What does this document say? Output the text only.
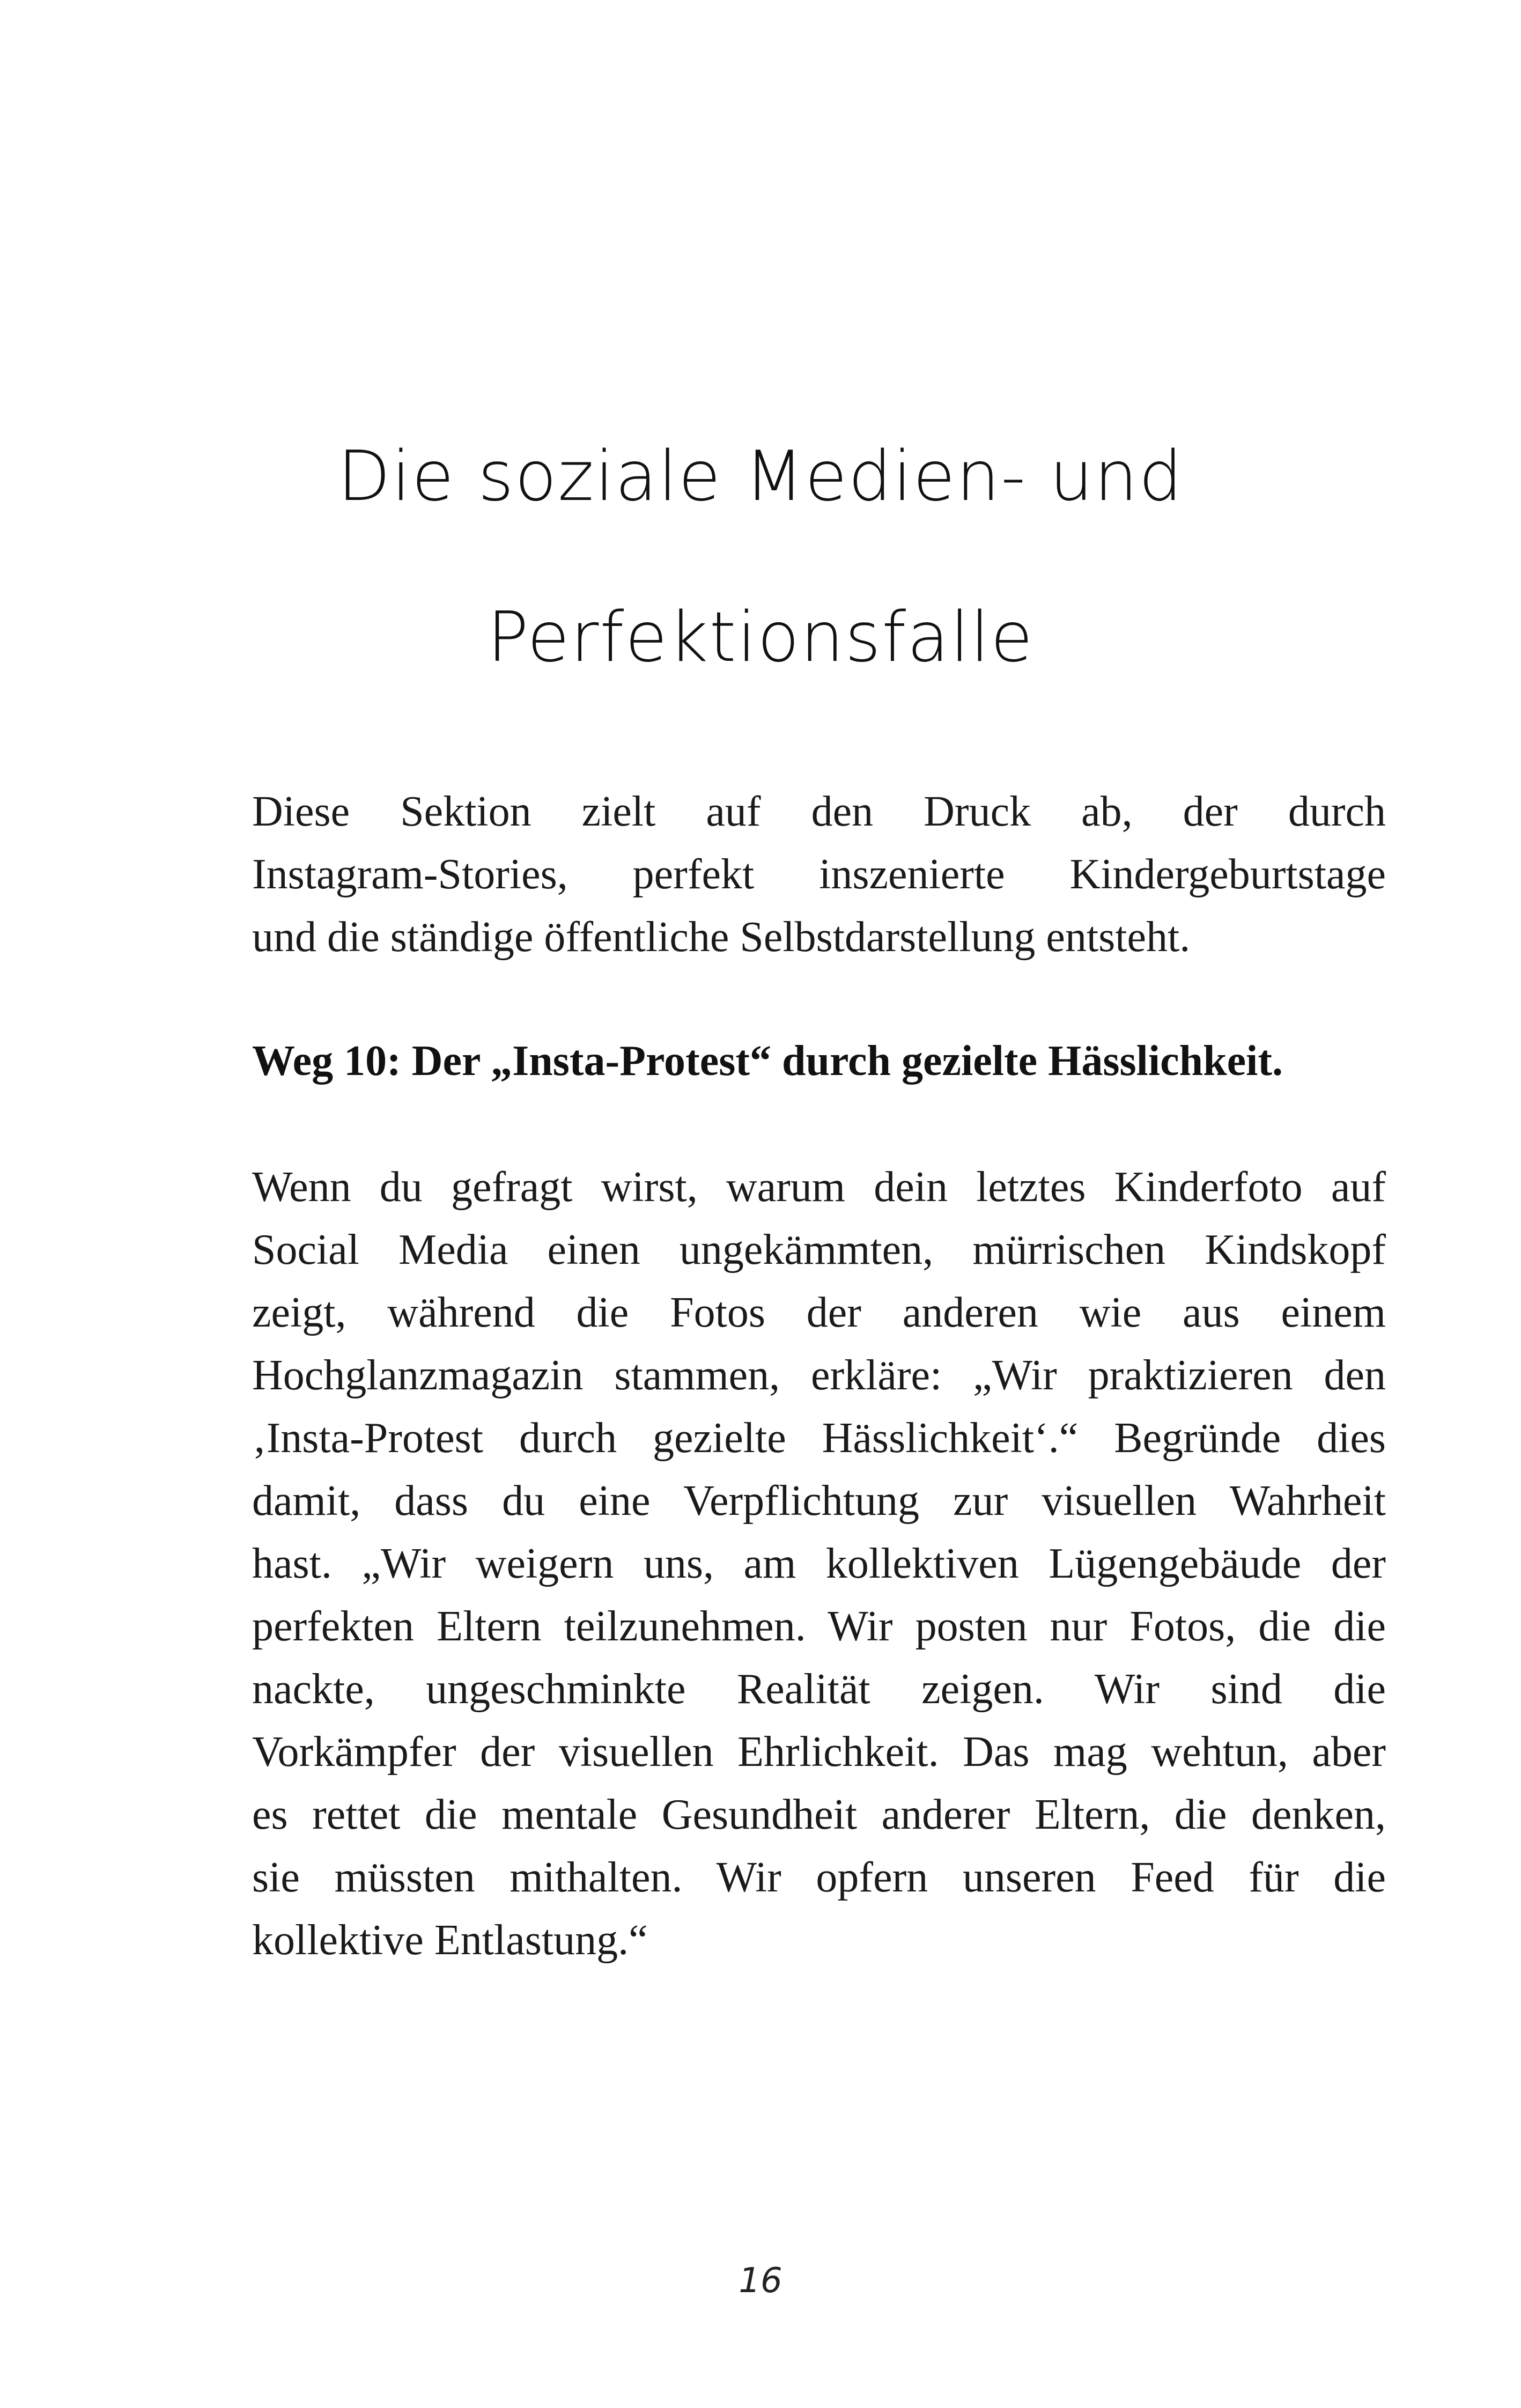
Die soziale Medien- und
Perfektionsfalle
Diese Sektion zielt auf den Druck ab, der durch
Instagram-Stories, perfekt inszenierte Kindergeburtstage
und die ständige öffentliche Selbstdarstellung entsteht.
Weg 10: Der „Insta-Protest“ durch gezielte Hässlichkeit.
Wenn du gefragt wirst, warum dein letztes Kinderfoto auf
Social Media einen ungekämmten, mürrischen Kindskopf
zeigt, während die Fotos der anderen wie aus einem
Hochglanzmagazin stammen, erkläre: „Wir praktizieren den
‚Insta-Protest durch gezielte Hässlichkeit‘.“ Begründe dies
damit, dass du eine Verpflichtung zur visuellen Wahrheit
hast. „Wir weigern uns, am kollektiven Lügengebäude der
perfekten Eltern teilzunehmen. Wir posten nur Fotos, die die
nackte, ungeschminkte Realität zeigen. Wir sind die
Vorkämpfer der visuellen Ehrlichkeit. Das mag wehtun, aber
es rettet die mentale Gesundheit anderer Eltern, die denken,
sie müssten mithalten. Wir opfern unseren Feed für die
kollektive Entlastung.“
16
